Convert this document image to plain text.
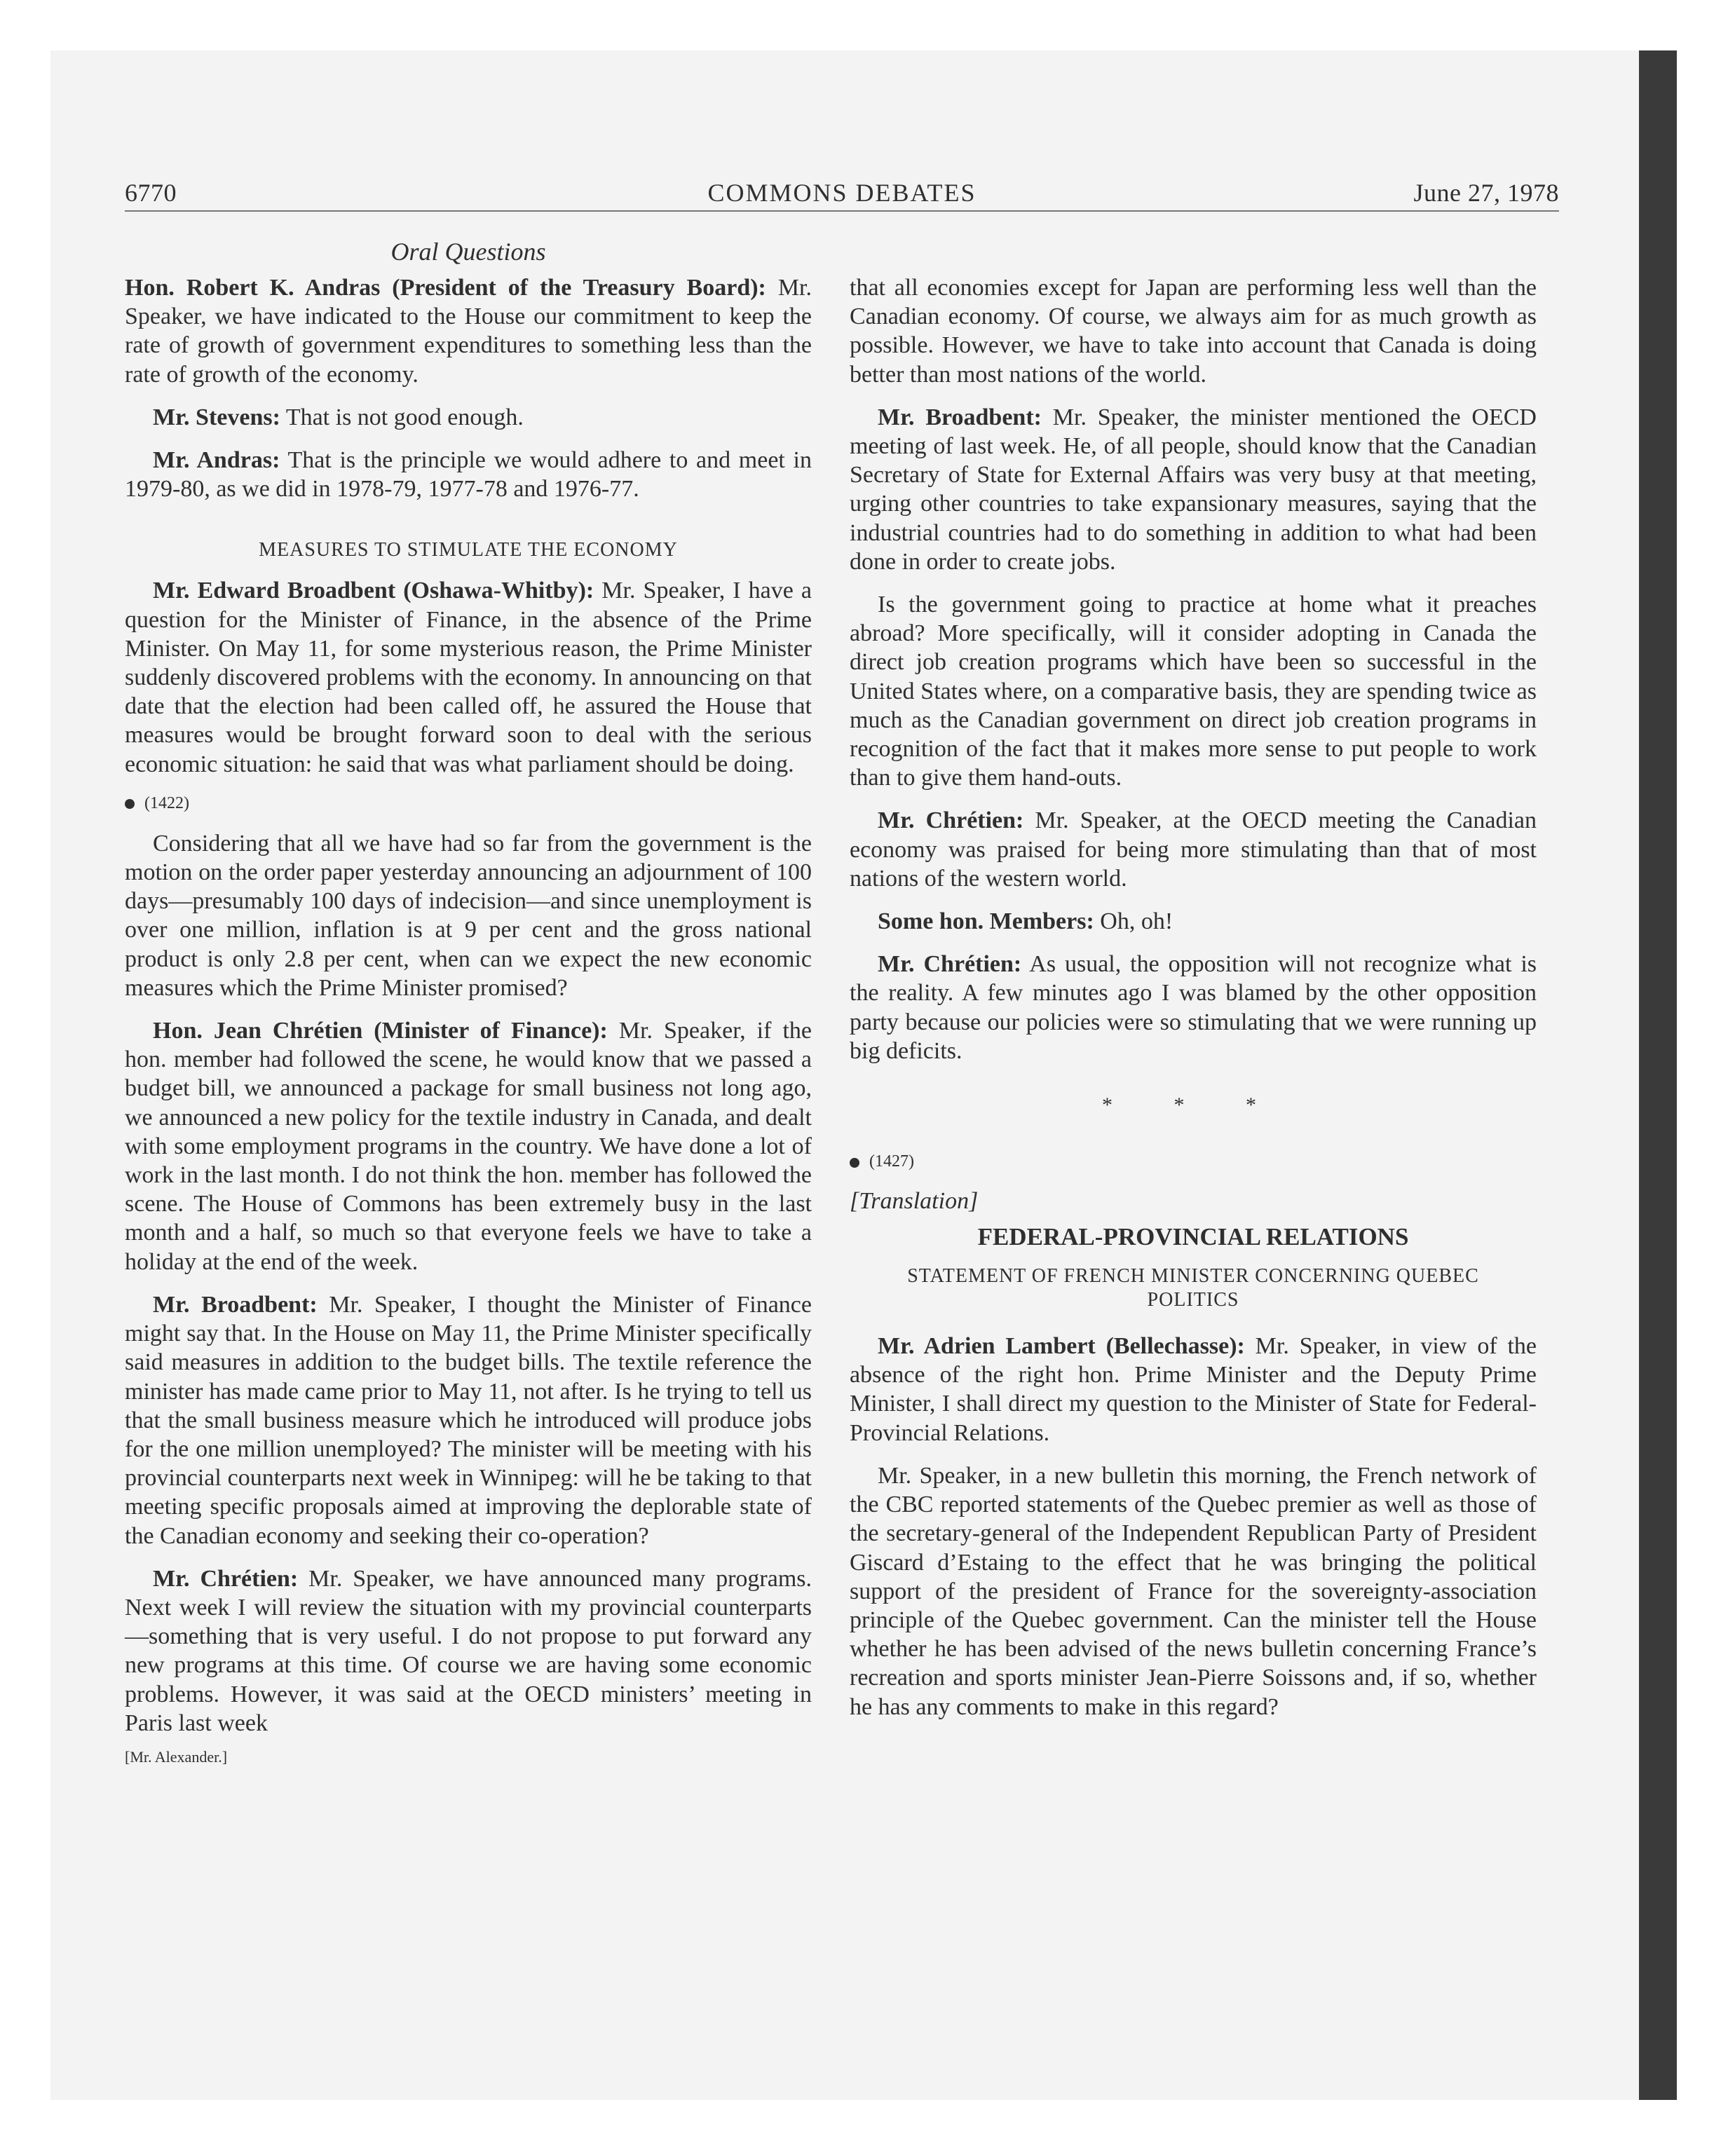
6770	COMMONS DEBATES	June 27, 1978
Oral Questions

Hon. Robert K. Andras (President of the Treasury Board): Mr. Speaker, we have indicated to the House our commitment to keep the rate of growth of government expenditures to something less than the rate of growth of the economy.

Mr. Stevens: That is not good enough.

Mr. Andras: That is the principle we would adhere to and meet in 1979-80, as we did in 1978-79, 1977-78 and 1976-77.

MEASURES TO STIMULATE THE ECONOMY

Mr. Edward Broadbent (Oshawa-Whitby): Mr. Speaker, I have a question for the Minister of Finance, in the absence of the Prime Minister. On May 11, for some mysterious reason, the Prime Minister suddenly discovered problems with the economy. In announcing on that date that the election had been called off, he assured the House that measures would be brought forward soon to deal with the serious economic situation: he said that was what parliament should be doing.

(1422)

Considering that all we have had so far from the government is the motion on the order paper yesterday announcing an adjournment of 100 days—presumably 100 days of indecision—and since unemployment is over one million, inflation is at 9 per cent and the gross national product is only 2.8 per cent, when can we expect the new economic measures which the Prime Minister promised?

Hon. Jean Chrétien (Minister of Finance): Mr. Speaker, if the hon. member had followed the scene, he would know that we passed a budget bill, we announced a package for small business not long ago, we announced a new policy for the textile industry in Canada, and dealt with some employment programs in the country. We have done a lot of work in the last month. I do not think the hon. member has followed the scene. The House of Commons has been extremely busy in the last month and a half, so much so that everyone feels we have to take a holiday at the end of the week.

Mr. Broadbent: Mr. Speaker, I thought the Minister of Finance might say that. In the House on May 11, the Prime Minister specifically said measures in addition to the budget bills. The textile reference the minister has made came prior to May 11, not after. Is he trying to tell us that the small business measure which he introduced will produce jobs for the one million unemployed? The minister will be meeting with his provincial counterparts next week in Winnipeg: will he be taking to that meeting specific proposals aimed at improving the deplorable state of the Canadian economy and seeking their co-operation?

Mr. Chrétien: Mr. Speaker, we have announced many programs. Next week I will review the situation with my provincial counterparts—something that is very useful. I do not propose to put forward any new programs at this time. Of course we are having some economic problems. However, it was said at the OECD ministers’ meeting in Paris last week

[Mr. Alexander.]

that all economies except for Japan are performing less well than the Canadian economy. Of course, we always aim for as much growth as possible. However, we have to take into account that Canada is doing better than most nations of the world.

Mr. Broadbent: Mr. Speaker, the minister mentioned the OECD meeting of last week. He, of all people, should know that the Canadian Secretary of State for External Affairs was very busy at that meeting, urging other countries to take expansionary measures, saying that the industrial countries had to do something in addition to what had been done in order to create jobs.

Is the government going to practice at home what it preaches abroad? More specifically, will it consider adopting in Canada the direct job creation programs which have been so successful in the United States where, on a comparative basis, they are spending twice as much as the Canadian government on direct job creation programs in recognition of the fact that it makes more sense to put people to work than to give them hand-outs.

Mr. Chrétien: Mr. Speaker, at the OECD meeting the Canadian economy was praised for being more stimulating than that of most nations of the western world.

Some hon. Members: Oh, oh!

Mr. Chrétien: As usual, the opposition will not recognize what is the reality. A few minutes ago I was blamed by the other opposition party because our policies were so stimulating that we were running up big deficits.

* * *
(1427)
[Translation]
FEDERAL-PROVINCIAL RELATIONS
STATEMENT OF FRENCH MINISTER CONCERNING QUEBEC POLITICS

Mr. Adrien Lambert (Bellechasse): Mr. Speaker, in view of the absence of the right hon. Prime Minister and the Deputy Prime Minister, I shall direct my question to the Minister of State for Federal-Provincial Relations.

Mr. Speaker, in a new bulletin this morning, the French network of the CBC reported statements of the Quebec premier as well as those of the secretary-general of the Independent Republican Party of President Giscard d’Estaing to the effect that he was bringing the political support of the president of France for the sovereignty-association principle of the Quebec government. Can the minister tell the House whether he has been advised of the news bulletin concerning France’s recreation and sports minister Jean-Pierre Soissons and, if so, whether he has any comments to make in this regard?
